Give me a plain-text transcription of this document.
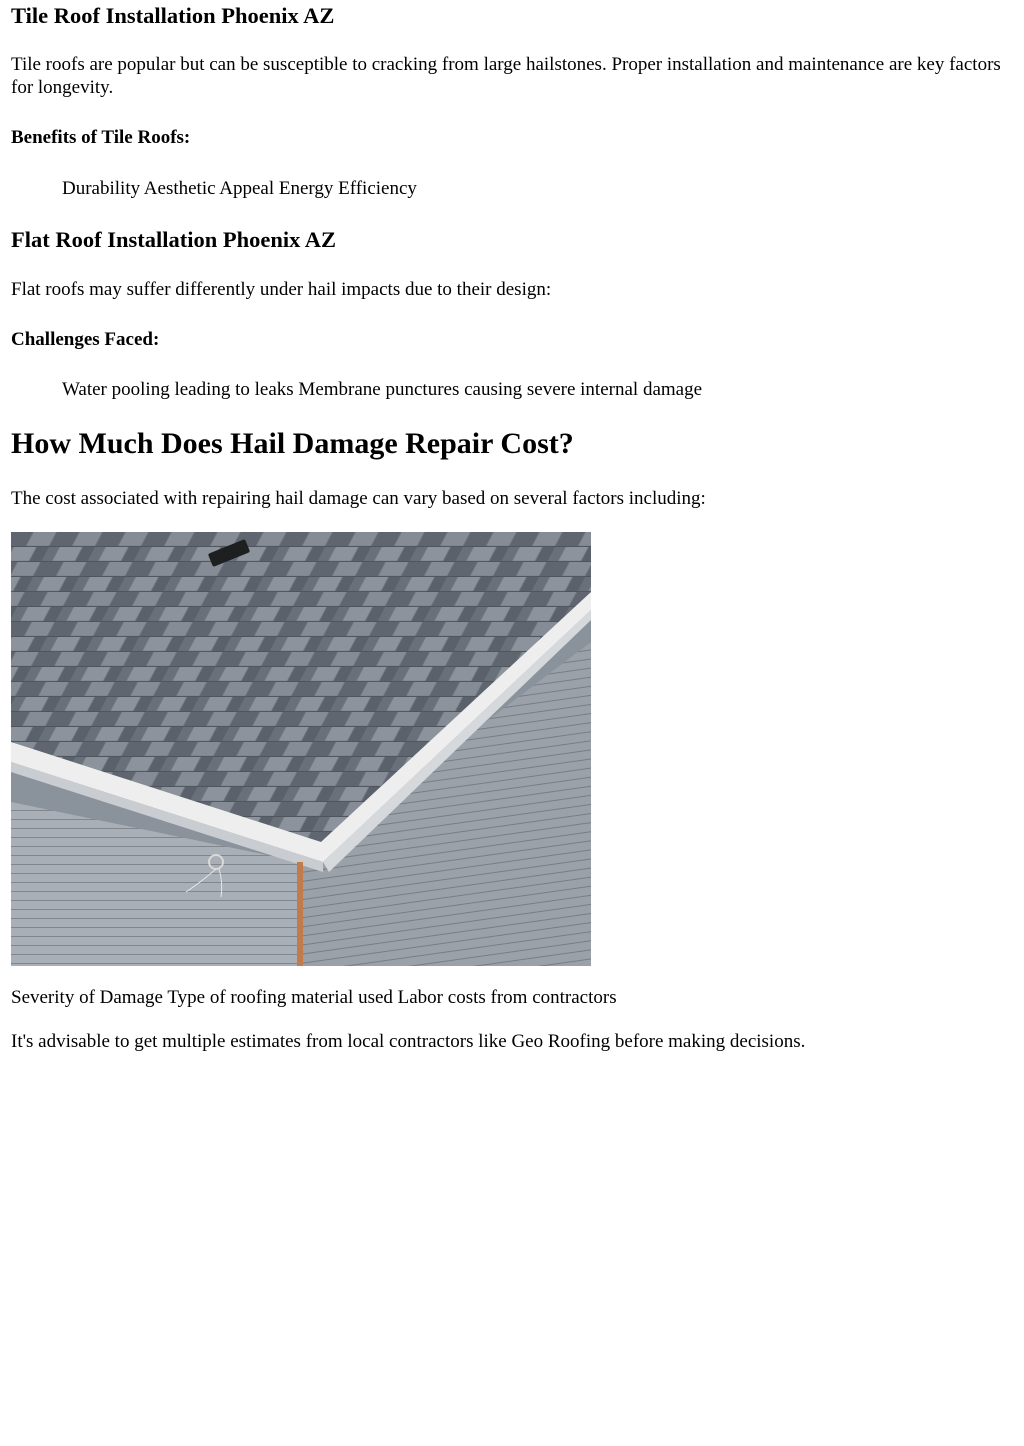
Tile Roof Installation Phoenix AZ

Tile roofs are popular but can be susceptible to cracking from large hailstones. Proper installation and maintenance are key factors for longevity.

Benefits of Tile Roofs:

Durability Aesthetic Appeal Energy Efficiency

Flat Roof Installation Phoenix AZ

Flat roofs may suffer differently under hail impacts due to their design:

Challenges Faced:

Water pooling leading to leaks Membrane punctures causing severe internal damage

How Much Does Hail Damage Repair Cost?

The cost associated with repairing hail damage can vary based on several factors including:

Severity of Damage Type of roofing material used Labor costs from contractors

It's advisable to get multiple estimates from local contractors like Geo Roofing before making decisions.
